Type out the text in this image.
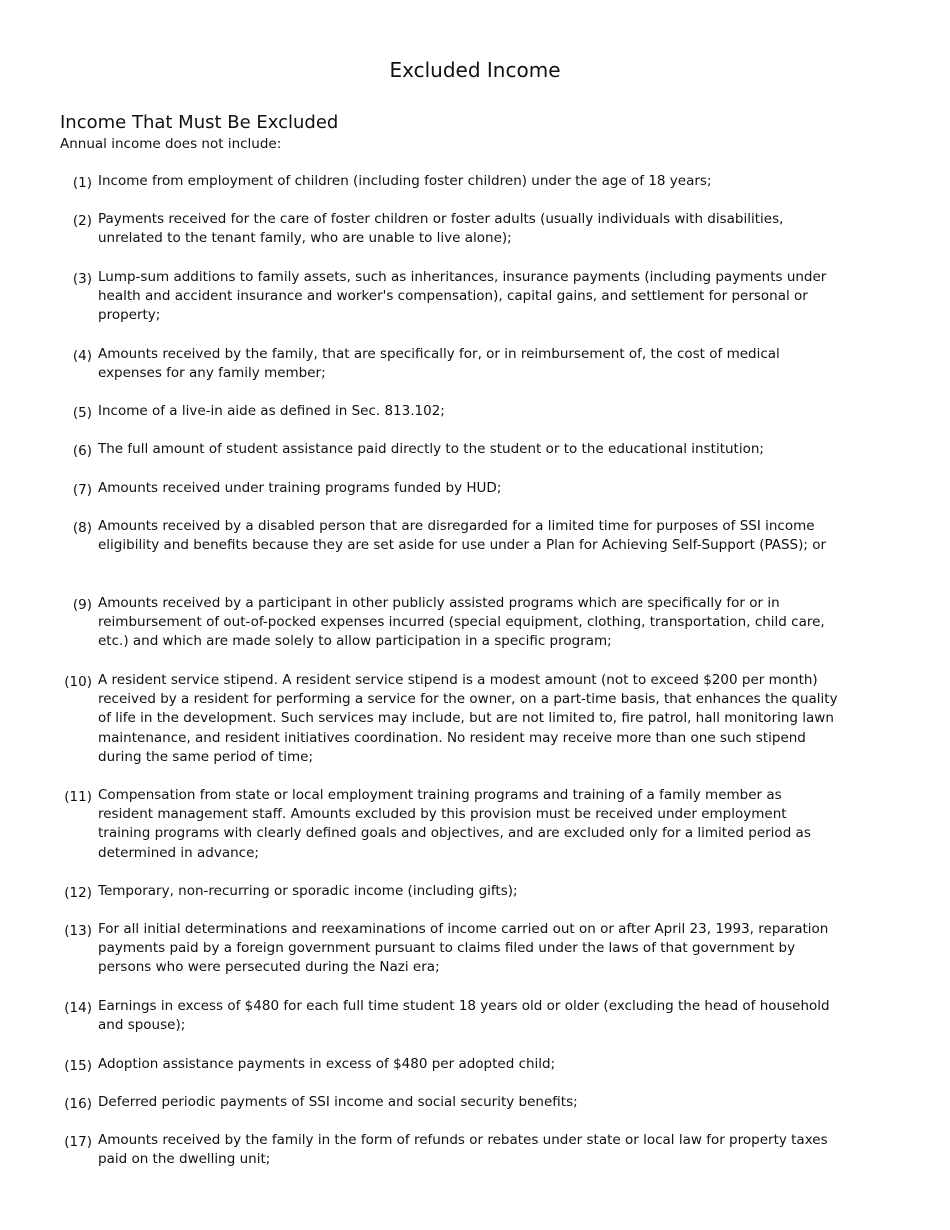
Excluded Income
Income That Must Be Excluded

Annual income does not include:

(1) Income from employment of children (including foster children) under the age of 18 years;
(2) Payments received for the care of foster children or foster adults (usually individuals with disabilities, unrelated to the tenant family, who are unable to live alone);
(3) Lump-sum additions to family assets, such as inheritances, insurance payments (including payments under health and accident insurance and worker's compensation), capital gains, and settlement for personal or property;
(4) Amounts received by the family, that are specifically for, or in reimbursement of, the cost of medical expenses for any family member;
(5) Income of a live-in aide as defined in Sec. 813.102;
(6) The full amount of student assistance paid directly to the student or to the educational institution;
(7) Amounts received under training programs funded by HUD;
(8) Amounts received by a disabled person that are disregarded for a limited time for purposes of SSI income eligibility and benefits because they are set aside for use under a Plan for Achieving Self-Support (PASS); or
(9) Amounts received by a participant in other publicly assisted programs which are specifically for or in reimbursement of out-of-pocked expenses incurred (special equipment, clothing, transportation, child care, etc.) and which are made solely to allow participation in a specific program;
(10) A resident service stipend. A resident service stipend is a modest amount (not to exceed $200 per month) received by a resident for performing a service for the owner, on a part-time basis, that enhances the quality of life in the development. Such services may include, but are not limited to, fire patrol, hall monitoring lawn maintenance, and resident initiatives coordination. No resident may receive more than one such stipend during the same period of time;
(11) Compensation from state or local employment training programs and training of a family member as resident management staff. Amounts excluded by this provision must be received under employment training programs with clearly defined goals and objectives, and are excluded only for a limited period as determined in advance;
(12) Temporary, non-recurring or sporadic income (including gifts);
(13) For all initial determinations and reexaminations of income carried out on or after April 23, 1993, reparation payments paid by a foreign government pursuant to claims filed under the laws of that government by persons who were persecuted during the Nazi era;
(14) Earnings in excess of $480 for each full time student 18 years old or older (excluding the head of household and spouse);
(15) Adoption assistance payments in excess of $480 per adopted child;
(16) Deferred periodic payments of SSI income and social security benefits;
(17) Amounts received by the family in the form of refunds or rebates under state or local law for property taxes paid on the dwelling unit;
